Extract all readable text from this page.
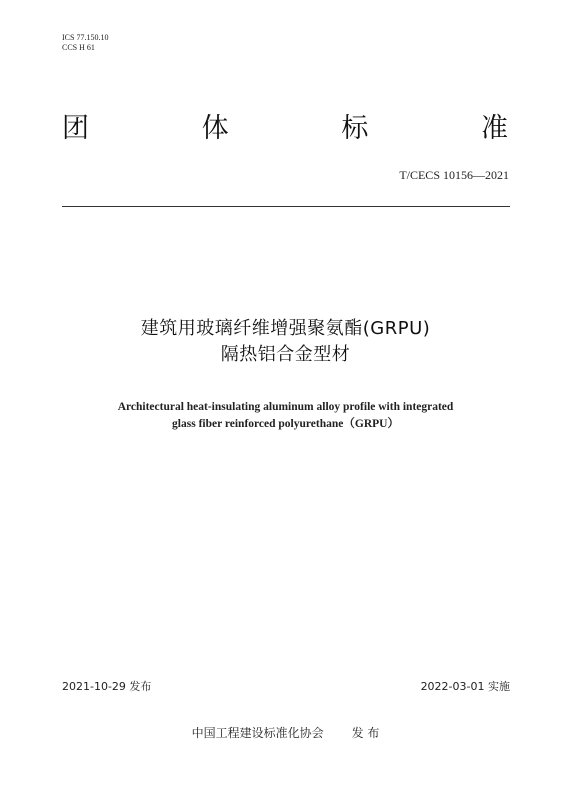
ICS 77.150.10
CCS H 61
团	体	标	准
T/CECS 10156—2021
建筑用玻璃纤维增强聚氨酯(GRPU)
隔热铝合金型材
Architectural heat-insulating aluminum alloy profile with integrated
glass fiber reinforced polyurethane（GRPU）
2021-10-29 发布	2022-03-01 实施
中国工程建设标准化协会 发 布
